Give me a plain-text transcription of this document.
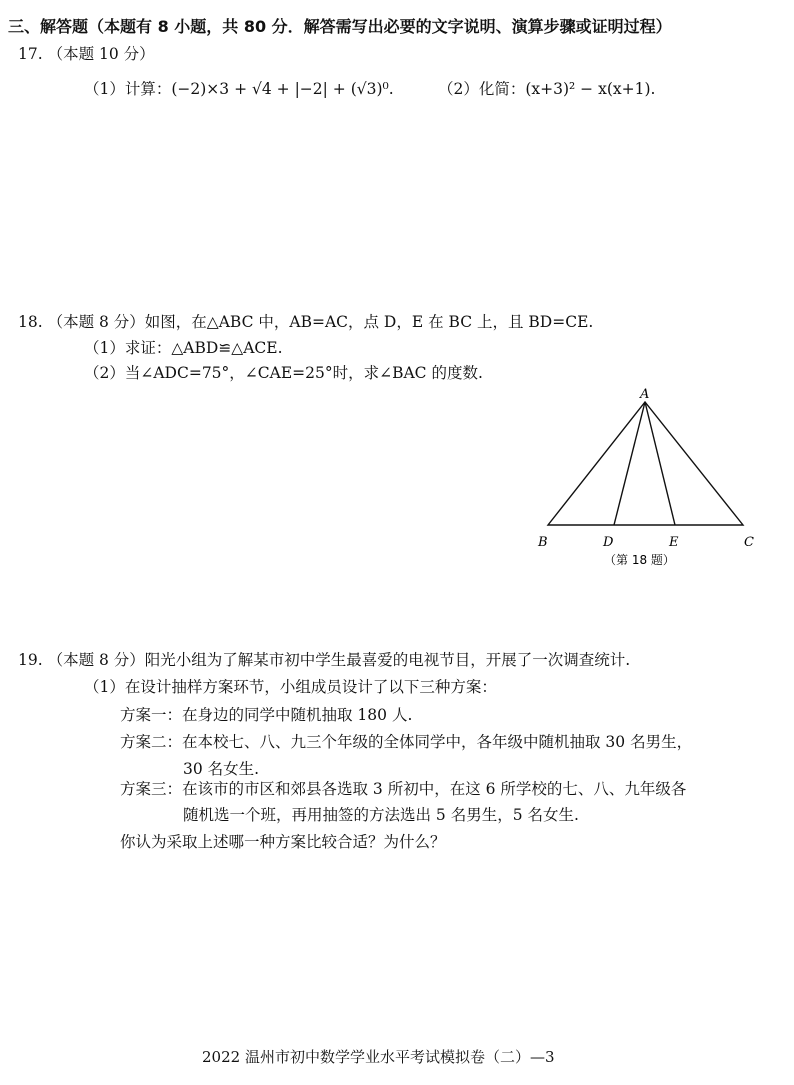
三、解答题（本题有 8 小题，共 80 分．解答需写出必要的文字说明、演算步骤或证明过程）
17. （本题 10 分）
（1）计算：(−2)×3 + √4 + |−2| + (√3)⁰.	（2）化简：(x+3)² − x(x+1).
18. （本题 8 分）如图，在△ABC 中，AB=AC，点 D，E 在 BC 上，且 BD=CE.
（1）求证：△ABD≌△ACE.
（2）当∠ADC=75°，∠CAE=25°时，求∠BAC 的度数.
A
B	D	E	C
（第 18 题）
19. （本题 8 分）阳光小组为了解某市初中学生最喜爱的电视节目，开展了一次调查统计.
（1）在设计抽样方案环节，小组成员设计了以下三种方案：
方案一：在身边的同学中随机抽取 180 人.
方案二：在本校七、八、九三个年级的全体同学中，各年级中随机抽取 30 名男生，
30 名女生.
方案三：在该市的市区和郊县各选取 3 所初中，在这 6 所学校的七、八、九年级各
随机选一个班，再用抽签的方法选出 5 名男生，5 名女生.
你认为采取上述哪一种方案比较合适？为什么？
2022 温州市初中数学学业水平考试模拟卷（二）—3
